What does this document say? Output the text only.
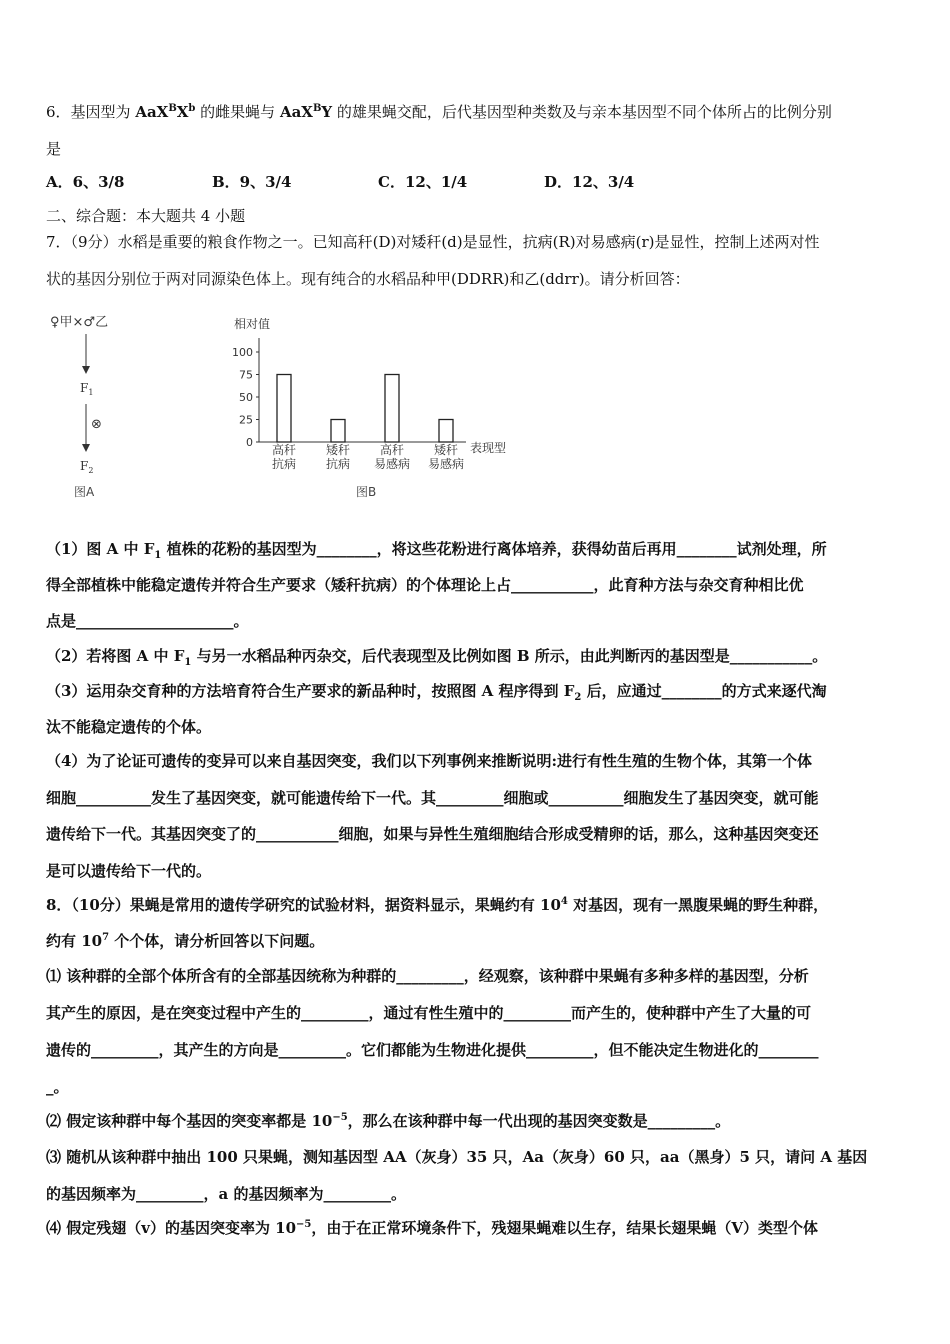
6．基因型为 $AaX^BX^b$ 的雌果蝇与 AaX$^B$Y 的雄果蝇交配，后代基因型种类数及与亲本基因型不同个体所占的比例分别
是
A．6、3/8	B．9、3/4	C．12、1/4	D．12、3/4
二、综合题：本大题共 4 小题
7．（9分）水稻是重要的粮食作物之一。已知高秆(D)对矮秆(d)是显性，抗病(R)对易感病(r)是显性，控制上述两对性
状的基因分别位于两对同源染色体上。现有纯合的水稻品种甲(DDRR)和乙(ddrr)。请分析回答：
♀甲×♂乙
$F_1$
⊗
$F_2$
图A
相对值
表现型
100
75
50
25
0
高秆
抗病
矮秆
抗病
高秆
易感病
矮秆
易感病
图B
（1）图 A 中 $F_1$ 植株的花粉的基因型为________，将这些花粉进行离体培养，获得幼苗后再用________试剂处理，所
得全部植株中能稳定遗传并符合生产要求（矮秆抗病）的个体理论上占___________，此育种方法与杂交育种相比优
点是_____________________。
（2）若将图 A 中 $F_1$ 与另一水稻品种丙杂交，后代表现型及比例如图 B 所示，由此判断丙的基因型是___________。
（3）运用杂交育种的方法培育符合生产要求的新品种时，按照图 A 程序得到 $F_2$ 后，应通过________的方式来逐代淘
汰不能稳定遗传的个体。
（4）为了论证可遗传的变异可以来自基因突变，我们以下列事例来推断说明:进行有性生殖的生物个体，其第一个体
细胞__________发生了基因突变，就可能遗传给下一代。其_________细胞或__________细胞发生了基因突变，就可能
遗传给下一代。其基因突变了的___________细胞，如果与异性生殖细胞结合形成受精卵的话，那么，这种基因突变还
是可以遗传给下一代的。
8．（10分）果蝇是常用的遗传学研究的试验材料，据资料显示，果蝇约有 $10^4$ 对基因，现有一黑腹果蝇的野生种群，
约有 $10^7$ 个个体，请分析回答以下问题。
⑴ 该种群的全部个体所含有的全部基因统称为种群的_________，经观察，该种群中果蝇有多种多样的基因型，分析
其产生的原因，是在突变过程中产生的_________，通过有性生殖中的_________而产生的，使种群中产生了大量的可
遗传的_________，其产生的方向是_________。它们都能为生物进化提供_________，但不能决定生物进化的________
_。
⑵ 假定该种群中每个基因的突变率都是 $10^{-5}$，那么在该种群中每一代出现的基因突变数是_________。
⑶ 随机从该种群中抽出 100 只果蝇，测知基因型 AA（灰身）35 只，Aa（灰身）60 只，aa（黑身）5 只，请问 A 基因
的基因频率为_________，a 的基因频率为_________。
⑷ 假定残翅（v）的基因突变率为 $10^{-5}$，由于在正常环境条件下，残翅果蝇难以生存，结果长翅果蝇（V）类型个体
